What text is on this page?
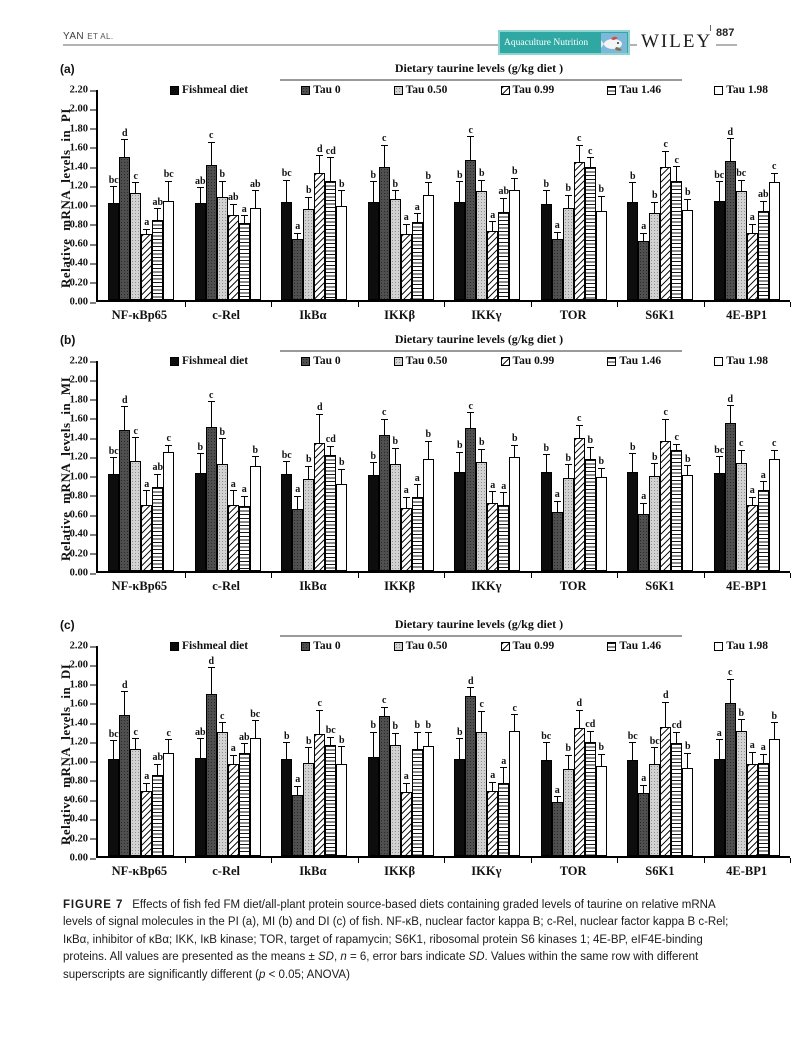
YAN ET AL.
Aquaculture Nutrition	WILEY 887
(a)	Dietary taurine levels (g/kg diet )
Fishmeal diet	Tau 0	Tau 0.50	Tau 0.99	Tau 1.46	Tau 1.98
Relative mRNA levels in PI
0.00
0.20
0.40
0.60
0.80
1.00
1.20
1.40
1.60
1.80
2.00
2.20
bc
d
c
a
ab
bc
ab
c
b
ab
a
ab
bc
a
b
d cd
b
b
c
b
a
a
b	b
c
b
a
ab
b
b
a
b
c
c
b
b
a
b
c
c
b
bc
d
bc
a
ab
c
NF-κBp65	c-Rel	IkBα	IKKβ	IKKγ	TOR	S6K1	4E-BP1
(b)	Dietary taurine levels (g/kg diet )
Fishmeal diet	Tau 0	Tau 0.50	Tau 0.99	Tau 1.46	Tau 1.98
Relative mRNA levels in MI
0.00
0.20
0.40
0.60
0.80
1.00
1.20
1.40
1.60
1.80
2.00
2.20
bc
d
c
a
ab
c
b
c
b
a
a
b	bc
a
b
d
cd
b
b
c
b
a
a
b
b
c
b
a a
b
b
a
b
c
b
b
b
a
b
c
c
b
bc
d
c
a
a
c
NF-κBp65	c-Rel	IkBα	IKKβ	IKKγ	TOR	S6K1	4E-BP1
(c)	Dietary taurine levels (g/kg diet )
Fishmeal diet	Tau 0	Tau 0.50	Tau 0.99	Tau 1.46	Tau 1.98
Relative mRNA levels in DI
0.00
0.20
0.40
0.60
0.80
1.00
1.20
1.40
1.60
1.80
2.00
2.20
bc
d
c
a
ab
c	ab
d
c
a
ab
bc
b
a
b
c
bc
b
b
c
b
a
b b
b
d
c
a
a
c
bc
a
b
d
cd
b
bc
a
bc
d
cd
b
a
c
b
a a
b
NF-κBp65	c-Rel	IkBα	IKKβ	IKKγ	TOR	S6K1	4E-BP1
FIGURE 7 Effects of fish fed FM diet/all-plant protein source-based diets containing graded levels of taurine on relative mRNA levels of signal molecules in the PI (a), MI (b) and DI (c) of fish. NF-κB, nuclear factor kappa B; c-Rel, nuclear factor kappa B c-Rel; IκBα, inhibitor of κBα; IKK, IκB kinase; TOR, target of rapamycin; S6K1, ribosomal protein S6 kinases 1; 4E-BP, eIF4E-binding proteins. All values are presented as the means ± SD, n = 6, error bars indicate SD. Values within the same row with different superscripts are significantly different (p < 0.05; ANOVA)
